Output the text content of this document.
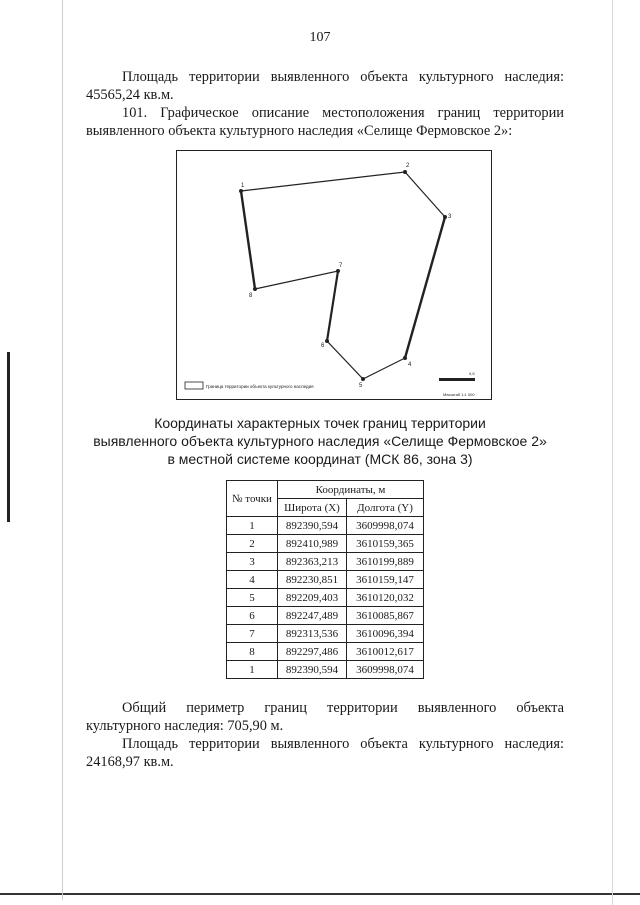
107
Площадь территории выявленного объекта культурного наследия:
45565,24 кв.м.
101. Графическое описание местоположения границ территории
выявленного объекта культурного наследия «Селище Фермовское 2»:
1
2
3
4
5
6
7
8
Граница территории объекта культурного наследия
0,5
Масштаб 1:1 000
Координаты характерных точек границ территории
выявленного объекта культурного наследия «Селище Фермовское 2»
в местной системе координат (МСК 86, зона 3)
№ точки	Координаты, м	
	Широта (X)	Долгота (Y)
1	892390,594	3609998,074
2	892410,989	3610159,365
3	892363,213	3610199,889
4	892230,851	3610159,147
5	892209,403	3610120,032
6	892247,489	3610085,867
7	892313,536	3610096,394
8	892297,486	3610012,617
1	892390,594	3609998,074
Общий периметр границ территории выявленного объекта
культурного наследия: 705,90 м.
Площадь территории выявленного объекта культурного наследия:
24168,97 кв.м.
